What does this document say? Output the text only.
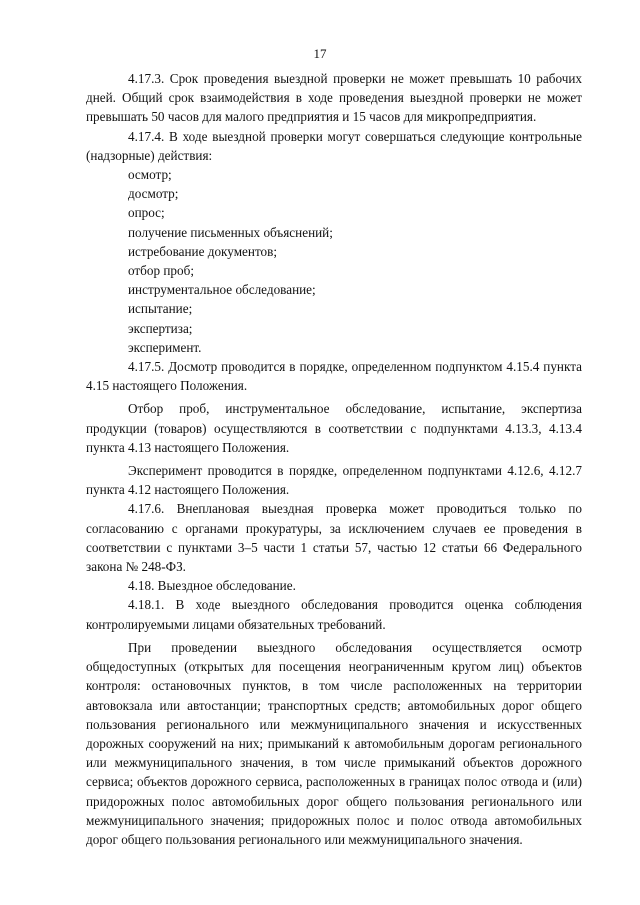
17

4.17.3. Срок проведения выездной проверки не может превышать 10 рабочих дней. Общий срок взаимодействия в ходе проведения выездной проверки не может превышать 50 часов для малого предприятия и 15 часов для микропредприятия.

4.17.4. В ходе выездной проверки могут совершаться следующие контрольные (надзорные) действия:

осмотр;

досмотр;

опрос;

получение письменных объяснений;

истребование документов;

отбор проб;

инструментальное обследование;

испытание;

экспертиза;

эксперимент.

4.17.5. Досмотр проводится в порядке, определенном подпунктом 4.15.4 пункта 4.15 настоящего Положения.

Отбор проб, инструментальное обследование, испытание, экспертиза продукции (товаров) осуществляются в соответствии с подпунктами 4.13.3, 4.13.4 пункта 4.13 настоящего Положения.

Эксперимент проводится в порядке, определенном подпунктами 4.12.6, 4.12.7 пункта 4.12 настоящего Положения.

4.17.6. Внеплановая выездная проверка может проводиться только по согласованию с органами прокуратуры, за исключением случаев ее проведения в соответствии с пунктами 3–5 части 1 статьи 57, частью 12 статьи 66 Федерального закона № 248-ФЗ.

4.18. Выездное обследование.

4.18.1. В ходе выездного обследования проводится оценка соблюдения контролируемыми лицами обязательных требований.

При проведении выездного обследования осуществляется осмотр общедоступных (открытых для посещения неограниченным кругом лиц) объектов контроля: остановочных пунктов, в том числе расположенных на территории автовокзала или автостанции; транспортных средств; автомобильных дорог общего пользования регионального или межмуниципального значения и искусственных дорожных сооружений на них; примыканий к автомобильным дорогам регионального или межмуниципального значения, в том числе примыканий объектов дорожного сервиса; объектов дорожного сервиса, расположенных в границах полос отвода и (или) придорожных полос автомобильных дорог общего пользования регионального или межмуниципального значения; придорожных полос и полос отвода автомобильных дорог общего пользования регионального или межмуниципального значения.
